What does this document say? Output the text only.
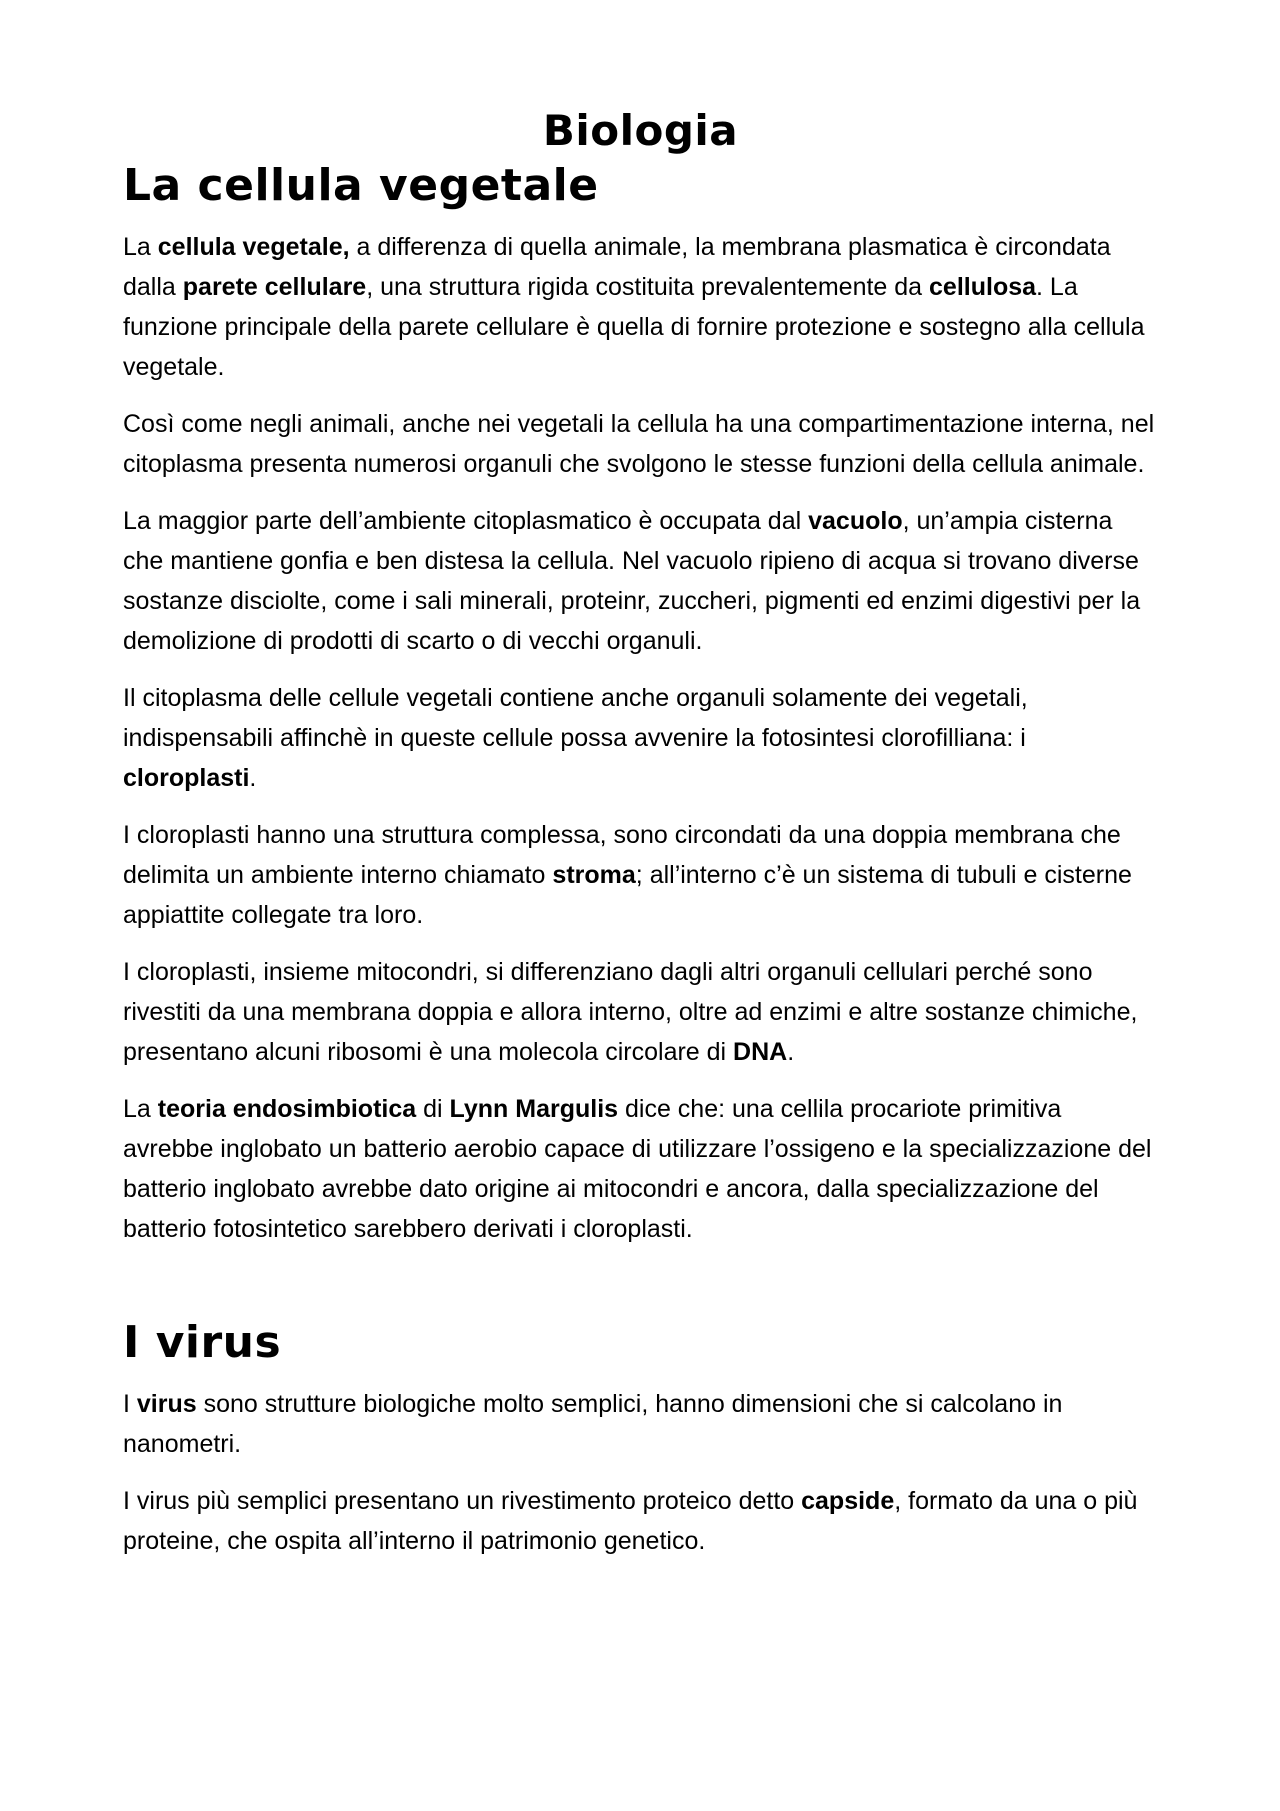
Biologia
La cellula vegetale

La cellula vegetale, a differenza di quella animale, la membrana plasmatica è circondata dalla parete cellulare, una struttura rigida costituita prevalentemente da cellulosa. La funzione principale della parete cellulare è quella di fornire protezione e sostegno alla cellula vegetale.

Così come negli animali, anche nei vegetali la cellula ha una compartimentazione interna, nel citoplasma presenta numerosi organuli che svolgono le stesse funzioni della cellula animale.

La maggior parte dell’ambiente citoplasmatico è occupata dal vacuolo, un’ampia cisterna che mantiene gonfia e ben distesa la cellula. Nel vacuolo ripieno di acqua si trovano diverse sostanze disciolte, come i sali minerali, proteinr, zuccheri, pigmenti ed enzimi digestivi per la demolizione di prodotti di scarto o di vecchi organuli.

Il citoplasma delle cellule vegetali contiene anche organuli solamente dei vegetali, indispensabili affinchè in queste cellule possa avvenire la fotosintesi clorofilliana: i cloroplasti.

I cloroplasti hanno una struttura complessa, sono circondati da una doppia membrana che delimita un ambiente interno chiamato stroma; all’interno c’è un sistema di tubuli e cisterne appiattite collegate tra loro.

I cloroplasti, insieme mitocondri, si differenziano dagli altri organuli cellulari perché sono rivestiti da una membrana doppia e allora interno, oltre ad enzimi e altre sostanze chimiche, presentano alcuni ribosomi è una molecola circolare di DNA.

La teoria endosimbiotica di Lynn Margulis dice che: una cellila procariote primitiva avrebbe inglobato un batterio aerobio capace di utilizzare l’ossigeno e la specializzazione del batterio inglobato avrebbe dato origine ai mitocondri e ancora, dalla specializzazione del batterio fotosintetico sarebbero derivati i cloroplasti.

I virus

I virus sono strutture biologiche molto semplici, hanno dimensioni che si calcolano in nanometri.

I virus più semplici presentano un rivestimento proteico detto capside, formato da una o più proteine, che ospita all’interno il patrimonio genetico.
